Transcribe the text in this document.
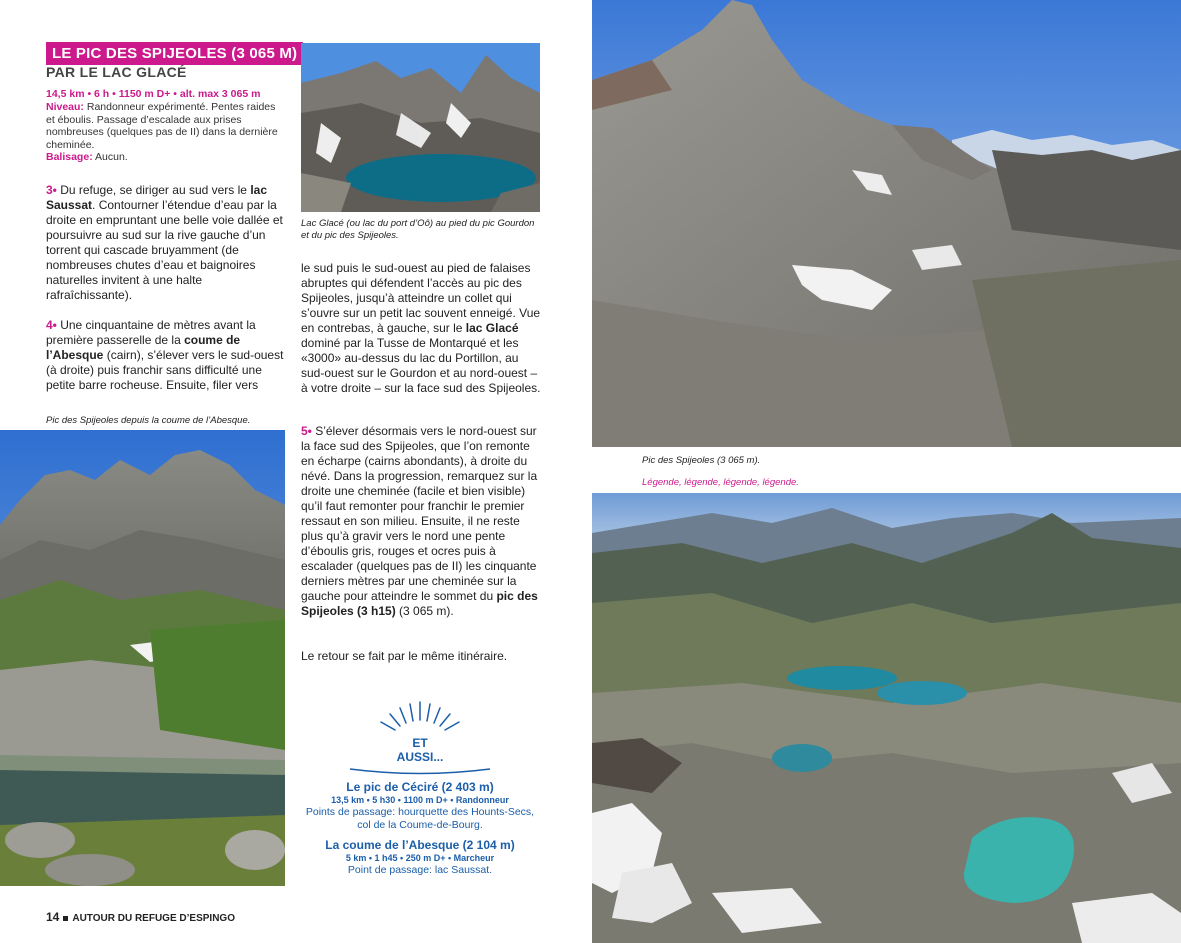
LE PIC DES SPIJEOLES (3 065 M)
PAR LE LAC GLACÉ
14,5 km • 6 h • 1150 m D+ • alt. max 3 065 m
Niveau: Randonneur expérimenté. Pentes raides et éboulis. Passage d’escalade aux prises nombreuses (quelques pas de II) dans la dernière cheminée.
Balisage: Aucun.
3• Du refuge, se diriger au sud vers le lac Saussat. Contourner l’étendue d’eau par la droite en empruntant une belle voie dallée et poursuivre au sud sur la rive gauche d’un torrent qui cascade bruyamment (de nombreuses chutes d’eau et baignoires naturelles invitent à une halte rafraîchissante).
4• Une cinquantaine de mètres avant la première passerelle de la coume de l’Abesque (cairn), s’élever vers le sud-ouest (à droite) puis franchir sans difficulté une petite barre rocheuse. Ensuite, filer vers
Pic des Spijeoles depuis la coume de l’Abesque.
Lac Glacé (ou lac du port d’Oô) au pied du pic Gourdon et du pic des Spijeoles.
le sud puis le sud-ouest au pied de falaises abruptes qui défendent l’accès au pic des Spijeoles, jusqu’à atteindre un collet qui s’ouvre sur un petit lac souvent enneigé. Vue en contrebas, à gauche, sur le lac Glacé dominé par la Tusse de Montarqué et les «3000» au-dessus du lac du Portillon, au sud-ouest sur le Gourdon et au nord-ouest – à votre droite – sur la face sud des Spijeoles.
5• S’élever désormais vers le nord-ouest sur la face sud des Spijeoles, que l’on remonte en écharpe (cairns abondants), à droite du névé. Dans la progression, remarquez sur la droite une cheminée (facile et bien visible) qu’il faut remonter pour franchir le premier ressaut en son milieu. Ensuite, il ne reste plus qu’à gravir vers le nord une pente d’éboulis gris, rouges et ocres puis à escalader (quelques pas de II) les cinquante derniers mètres par une cheminée sur la gauche pour atteindre le sommet du pic des Spijeoles (3 h15) (3 065 m).
Le retour se fait par le même itinéraire.
ET
AUSSI...
Le pic de Céciré (2 403 m)
13,5 km • 5 h30 • 1100 m D+ • Randonneur
Points de passage: hourquette des Hounts-Secs, col de la Coume-de-Bourg.
La coume de l’Abesque (2 104 m)
5 km • 1 h45 • 250 m D+ • Marcheur
Point de passage: lac Saussat.
14 AUTOUR DU REFUGE D’ESPINGO
Pic des Spijeoles (3 065 m).
Légende, légende, légende, légende.
